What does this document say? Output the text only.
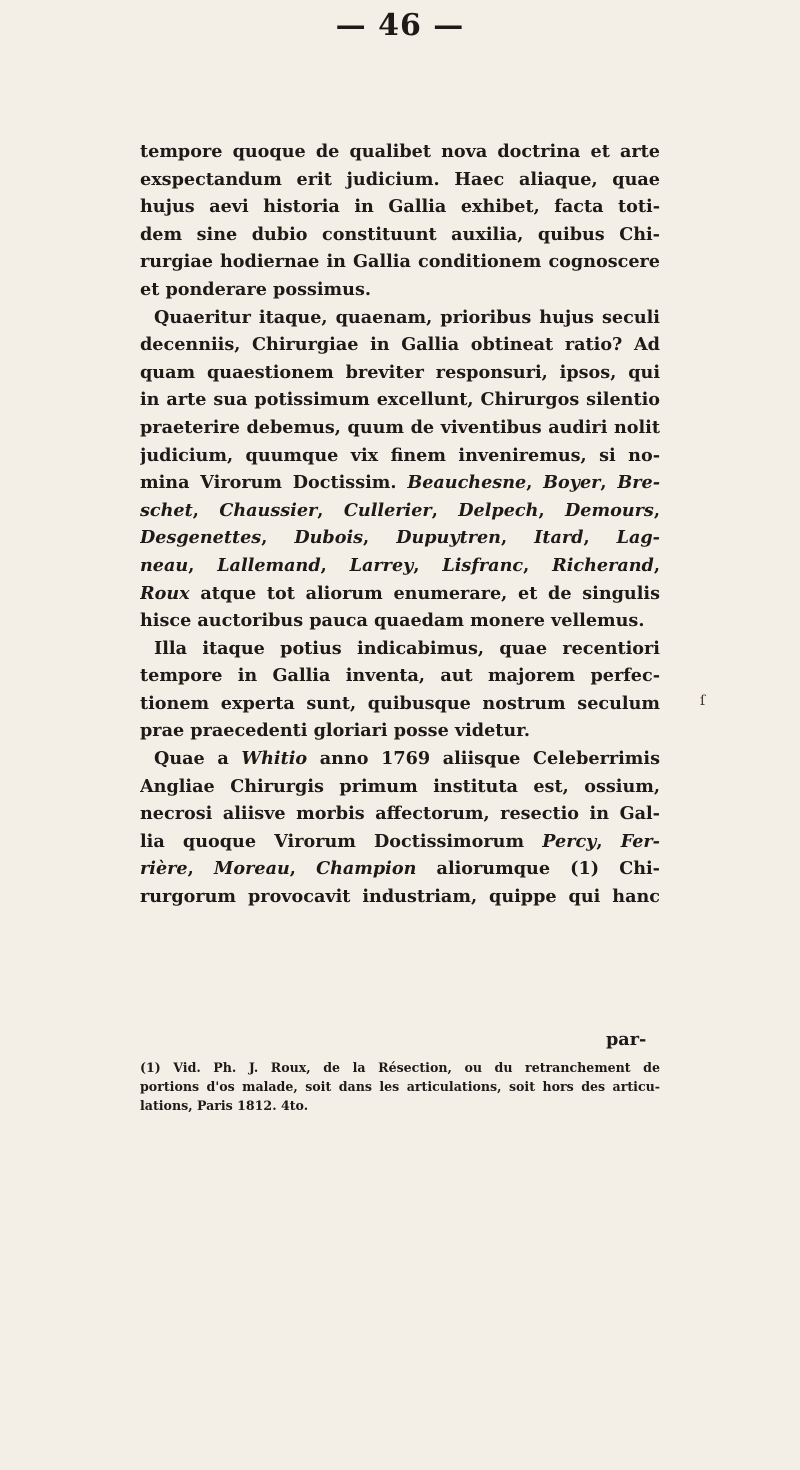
— 46 —
tempore quoque de qualibet nova doctrina et arte
exspectandum erit judicium. Haec aliaque, quae
hujus aevi historia in Gallia exhibet, facta toti-
dem sine dubio constituunt auxilia, quibus Chi-
rurgiae hodiernae in Gallia conditionem cognoscere
et ponderare possimus.
Quaeritur itaque, quaenam, prioribus hujus seculi
decenniis, Chirurgiae in Gallia obtineat ratio? Ad
quam quaestionem breviter responsuri, ipsos, qui
in arte sua potissimum excellunt, Chirurgos silentio
praeterire debemus, quum de viventibus audiri nolit
judicium, quumque vix finem inveniremus, si no-
mina Virorum Doctissim. Beauchesne, Boyer, Bre-
schet, Chaussier, Cullerier, Delpech, Demours,
Desgenettes, Dubois, Dupuytren, Itard, Lag-
neau, Lallemand, Larrey, Lisfranc, Richerand,
Roux atque tot aliorum enumerare, et de singulis
hisce auctoribus pauca quaedam monere vellemus.
Illa itaque potius indicabimus, quae recentiori
tempore in Gallia inventa, aut majorem perfec-
tionem experta sunt, quibusque nostrum seculum
prae praecedenti gloriari posse videtur.
Quae a Whitio anno 1769 aliisque Celeberrimis
Angliae Chirurgis primum instituta est, ossium,
necrosi aliisve morbis affectorum, resectio in Gal-
lia quoque Virorum Doctissimorum Percy, Fer-
rière, Moreau, Champion aliorumque (1) Chi-
rurgorum provocavit industriam, quippe qui hanc
ſ
par-
(1) Vid. Ph. J. Roux, de la Résection, ou du retranchement de
portions d'os malade, soit dans les articulations, soit hors des articu-
lations, Paris 1812. 4to.
